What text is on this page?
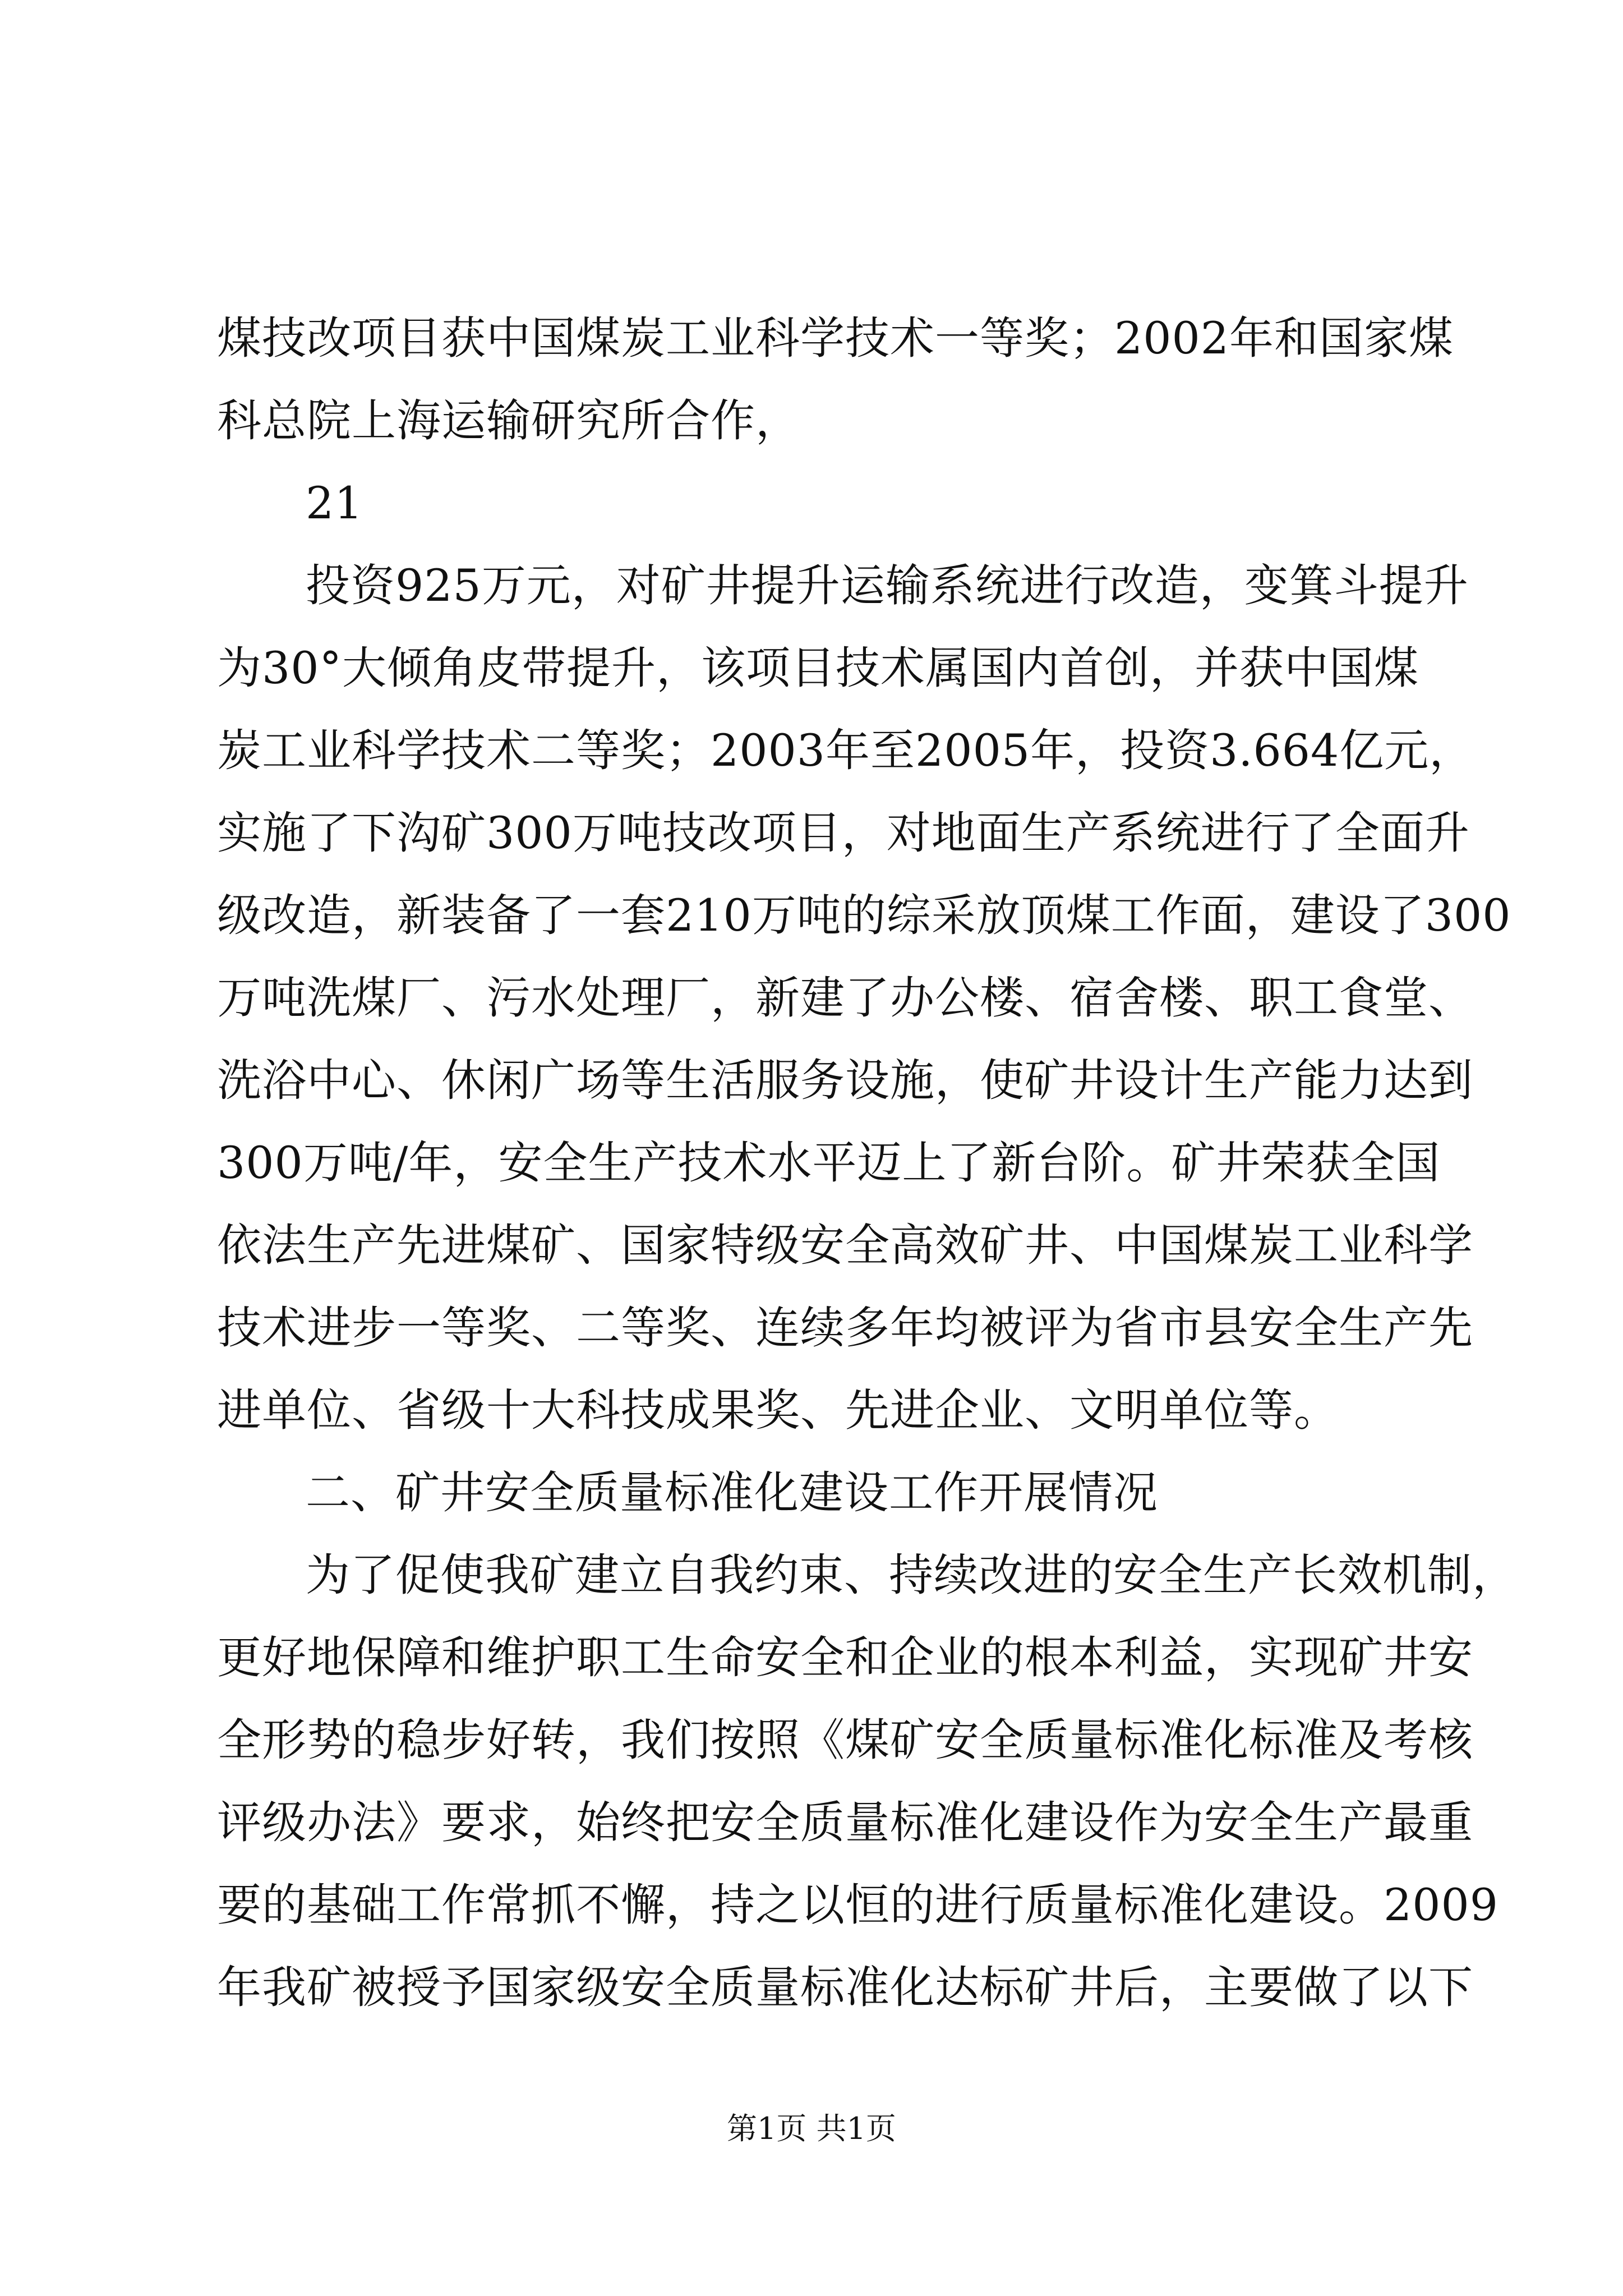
煤技改项目获中国煤炭工业科学技术一等奖；2002年和国家煤
科总院上海运输研究所合作，
21
投资925万元，对矿井提升运输系统进行改造，变箕斗提升
为30°大倾角皮带提升，该项目技术属国内首创，并获中国煤
炭工业科学技术二等奖；2003年至2005年，投资3.664亿元，
实施了下沟矿300万吨技改项目，对地面生产系统进行了全面升
级改造，新装备了一套210万吨的综采放顶煤工作面，建设了300
万吨洗煤厂、污水处理厂，新建了办公楼、宿舍楼、职工食堂、
洗浴中心、休闲广场等生活服务设施，使矿井设计生产能力达到
300万吨/年，安全生产技术水平迈上了新台阶。矿井荣获全国
依法生产先进煤矿、国家特级安全高效矿井、中国煤炭工业科学
技术进步一等奖、二等奖、连续多年均被评为省市县安全生产先
进单位、省级十大科技成果奖、先进企业、文明单位等。
二、矿井安全质量标准化建设工作开展情况
为了促使我矿建立自我约束、持续改进的安全生产长效机制，
更好地保障和维护职工生命安全和企业的根本利益，实现矿井安
全形势的稳步好转，我们按照《煤矿安全质量标准化标准及考核
评级办法》要求，始终把安全质量标准化建设作为安全生产最重
要的基础工作常抓不懈，持之以恒的进行质量标准化建设。2009
年我矿被授予国家级安全质量标准化达标矿井后，主要做了以下
第1页 共1页
